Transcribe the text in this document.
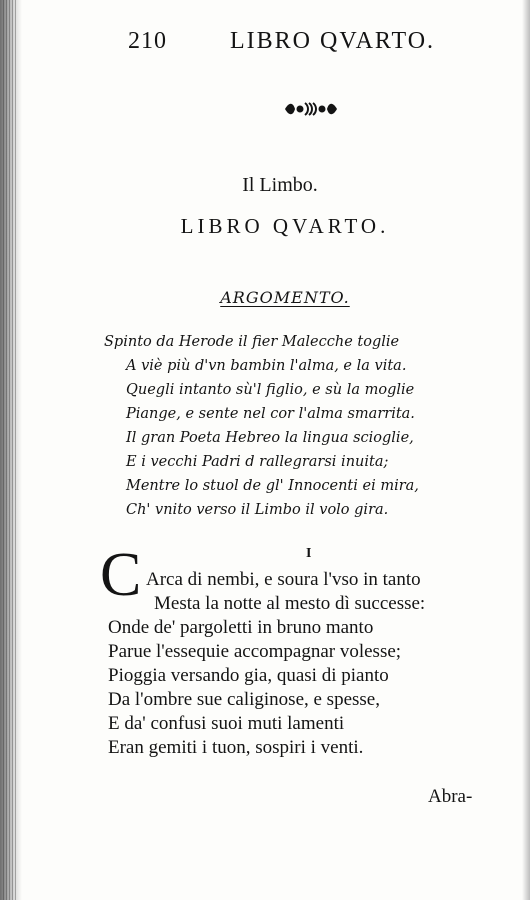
210	LIBRO QVARTO.
Il Limbo.
LIBRO QVARTO.
ARGOMENTO.
Spinto da Herode il fier Malecche toglie
A viè più d'vn bambin l'alma, e la vita.
Quegli intanto sù'l figlio, e sù la moglie
Piange, e sente nel cor l'alma smarrita.
Il gran Poeta Hebreo la lingua scioglie,
E i vecchi Padri d rallegrarsi inuita;
Mentre lo stuol de gl' Innocenti ei mira,
Ch' vnito verso il Limbo il volo gira.
I
C Arca di nembi, e soura l'vso in tanto
Mesta la notte al mesto dì successe:
Onde de' pargoletti in bruno manto
Parue l'essequie accompagnar volesse;
Pioggia versando gia, quasi di pianto
Da l'ombre sue caliginose, e spesse,
E da' confusi suoi muti lamenti
Eran gemiti i tuon, sospiri i venti.
Abra-
